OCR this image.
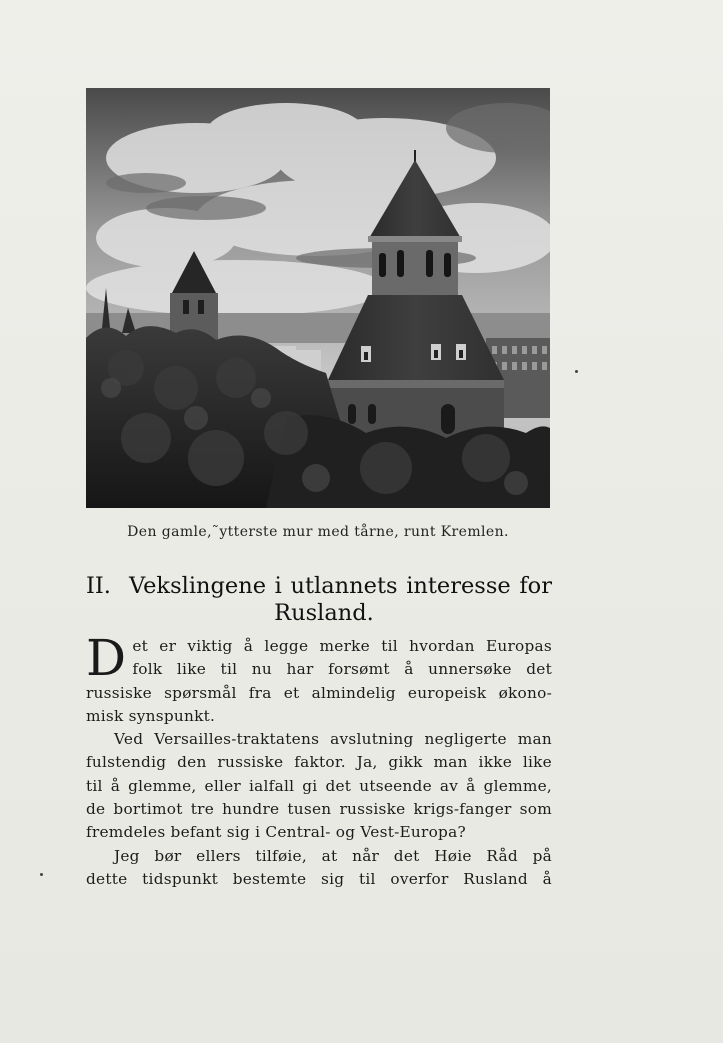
Den gamle,˜ytterste mur med tårne, runt Kremlen.
II. Vekslingene i utlannets interesse for
Rusland.
D et er viktig å legge merke til hvordan Europas

folk like til nu har forsømt å unnersøke det

russiske spørsmål fra et almindelig europeisk økono-

misk synspunkt.

Ved Versailles-traktatens avslutning negligerte man

fulstendig den russiske faktor. Ja, gikk man ikke like

til å glemme, eller ialfall gi det utseende av å glemme,

de bortimot tre hundre tusen russiske krigs-fanger som

fremdeles befant sig i Central- og Vest-Europa?

Jeg bør ellers tilføie, at når det Høie Råd på

dette tidspunkt bestemte sig til overfor Rusland å
